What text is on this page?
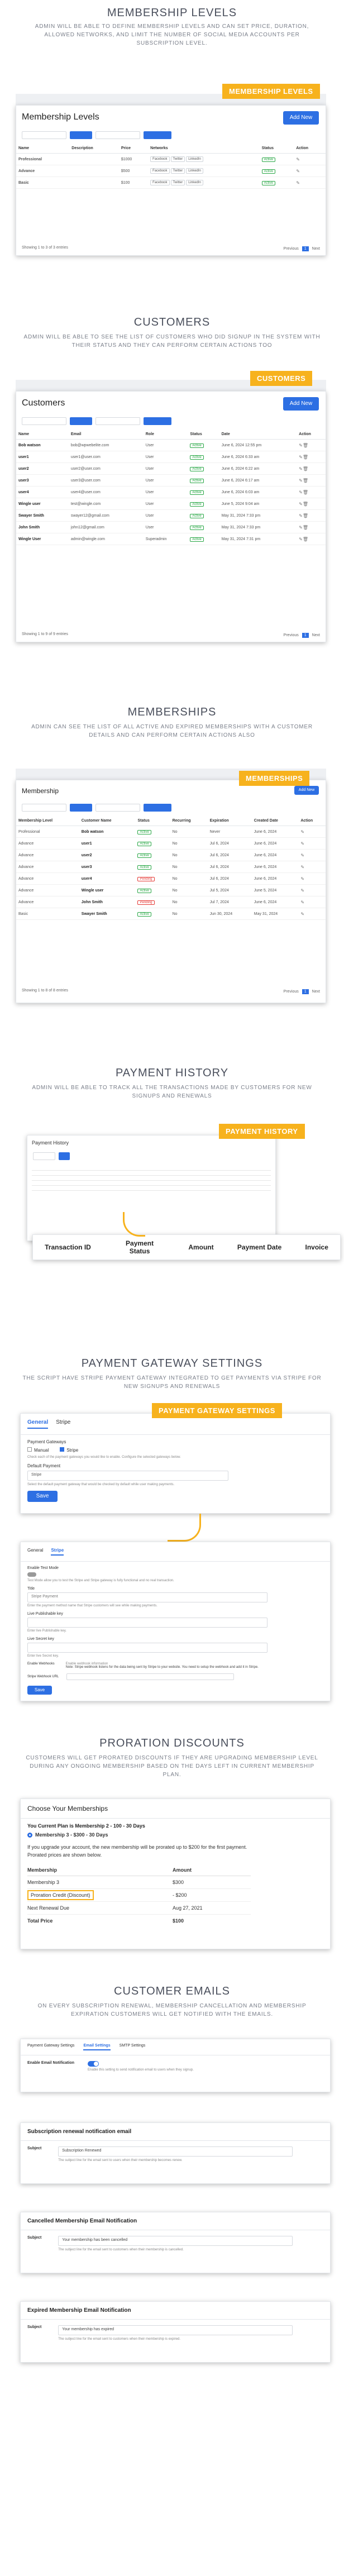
MEMBERSHIP LEVELS
ADMIN WILL BE ABLE TO DEFINE MEMBERSHIP LEVELS AND CAN SET PRICE, DURATION, ALLOWED NETWORKS, AND LIMIT THE NUMBER OF SOCIAL MEDIA ACCOUNTS PER SUBSCRIPTION LEVEL.
Membership Levels	Add New
Name	Description	Price	Networks	Status	Action
Professional		$1000	Facebook Twitter LinkedIn	Active	✎
Advance		$500	Facebook Twitter LinkedIn	Active	✎
Basic		$100	Facebook Twitter LinkedIn	Active	✎
Showing 1 to 3 of 3 entries	Previous 1 Next
MEMBERSHIP LEVELS
CUSTOMERS
ADMIN WILL BE ABLE TO SEE THE LIST OF CUSTOMERS WHO DID SIGNUP IN THE SYSTEM WITH THEIR STATUS AND THEY CAN PERFORM CERTAIN ACTIONS TOO
Customers	Add New
Name	Email	Role	Status	Date	Action
Bob watson	bob@wpwebelite.com	User	Active	June 6, 2024 12:55 pm	✎🗑
user1	user1@user.com	User	Active	June 6, 2024 6:33 am	✎🗑
user2	user2@user.com	User	Active	June 6, 2024 6:22 am	✎🗑
user3	user3@user.com	User	Active	June 6, 2024 6:17 am	✎🗑
user4	user4@user.com	User	Active	June 6, 2024 6:03 am	✎🗑
Wingle user	test@wingle.com	User	Active	June 5, 2024 9:04 am	✎🗑
Swayer Smith	swayer12@gmail.com	User	Active	May 31, 2024 7:33 pm	✎🗑
John Smith	john12@gmail.com	User	Active	May 31, 2024 7:33 pm	✎🗑
Wingle User	admin@wingle.com	Superadmin	Active	May 31, 2024 7:31 pm	✎🗑
Showing 1 to 9 of 9 entries	Previous 1 Next
CUSTOMERS
MEMBERSHIPS
ADMIN CAN SEE THE LIST OF ALL ACTIVE AND EXPIRED MEMBERSHIPS WITH A CUSTOMER DETAILS AND CAN PERFORM CERTAIN ACTIONS ALSO
Membership	Add New
Membership Level	Customer Name	Status	Recurring	Expiration	Created Date	Action
Professional	Bob watson	Active	No	Never	June 6, 2024	✎
Advance	user1	Active	No	Jul 6, 2024	June 6, 2024	✎
Advance	user2	Active	No	Jul 6, 2024	June 6, 2024	✎
Advance	user3	Active	No	Jul 6, 2024	June 6, 2024	✎
Advance	user4	Pending	No	Jul 6, 2024	June 6, 2024	✎
Advance	Wingle user	Active	No	Jul 5, 2024	June 5, 2024	✎
Advance	John Smith	Pending	No	Jul 7, 2024	June 6, 2024	✎
Basic	Swayer Smith	Active	No	Jun 30, 2024	May 31, 2024	✎
Showing 1 to 8 of 8 entries	Previous 1 Next
MEMBERSHIPS
PAYMENT HISTORY
ADMIN WILL BE ABLE TO TRACK ALL THE TRANSACTIONS MADE BY CUSTOMERS FOR NEW SIGNUPS AND RENEWALS
Payment History
PAYMENT HISTORY
Transaction ID	Payment Status	Amount	Payment Date	Invoice
PAYMENT GATEWAY SETTINGS
THE SCRIPT HAVE STRIPE PAYMENT GATEWAY INTEGRATED TO GET PAYMENTS VIA STRIPE FOR NEW SIGNUPS AND RENEWALS
General Stripe
Payment Gateways
Manual	Stripe
Check each of the payment gateways you would like to enable. Configure the selected gateways below.
Default Payment
Stripe
Select the default payment gateway that would be checked by default while user making payments.
Save
PAYMENT GATEWAY SETTINGS
General Stripe
Enable Test Mode
Test Mode allow you to test the Stripe and Stripe gateway is fully functional and no real transaction.
Title
Stripe Payment
Enter the payment method name that Stripe customers will see while making payments.
Live Publishable key
Enter live Publishable key.
Live Secret key
Enter live Secret key.
Enable Webhooks	Enable webhook information
Note: Stripe webhook listens for the data being sent by Stripe to your website. You need to setup the webhook and add it in Stripe.
Stripe Webhook URL
Save
PRORATION DISCOUNTS
CUSTOMERS WILL GET PRORATED DISCOUNTS IF THEY ARE UPGRADING MEMBERSHIP LEVEL DURING ANY ONGOING MEMBERSHIP BASED ON THE DAYS LEFT IN CURRENT MEMBERSHIP PLAN.
Choose Your Memberships
You Current Plan is Membership 2 - 100 - 30 Days
Membership 3 - $300 - 30 Days
If you upgrade your account, the new membership will be prorated up to $200 for the first payment. Prorated prices are shown below.
Membership	Amount
Membership 3	$300
Proration Credit (Discount)	- $200
Next Renewal Due	Aug 27, 2021
Total Price	$100
CUSTOMER EMAILS
ON EVERY SUBSCRIPTION RENEWAL, MEMBERSHIP CANCELLATION AND MEMBERSHIP EXPIRATION CUSTOMERS WILL GET NOTIFIED WITH THE EMAILS.
Payment Gateway Settings Email Settings SMTP Settings
Enable Email Notification
Enable this setting to send notification email to users when they signup.
Subscription renewal notification email
Subject
Subscription Renewed
The subject line for the email sent to users when their membership becomes renew.
Cancelled Membership Email Notification
Subject
Your membership has been cancelled
The subject line for the email sent to customers when their membership is cancelled.
Expired Membership Email Notification
Subject
Your membership has expired
The subject line for the email sent to customers when their membership is expired.
